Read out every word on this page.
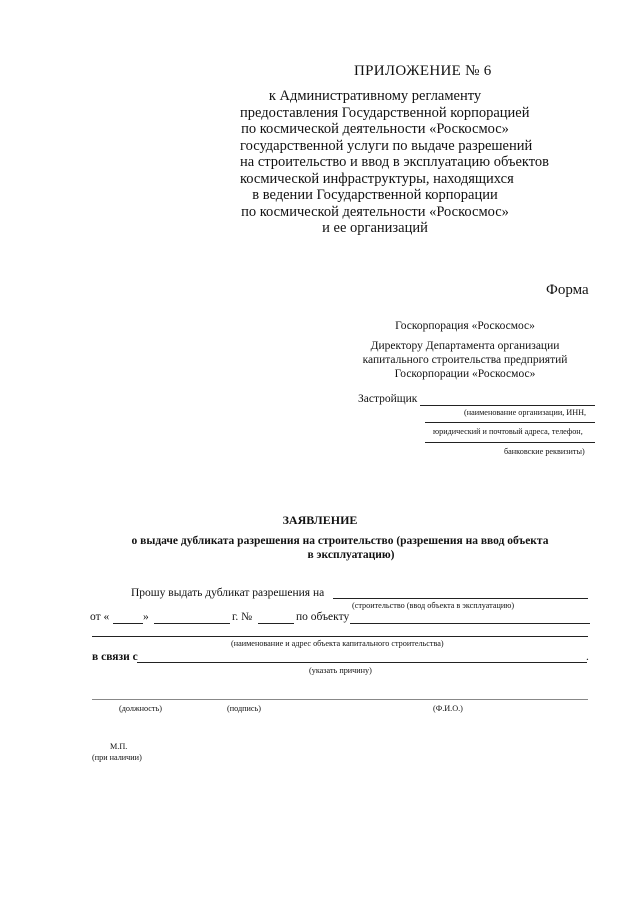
ПРИЛОЖЕНИЕ № 6
к Административному регламенту
предоставления Государственной корпорацией
по космической деятельности «Роскосмос»
государственной услуги по выдаче разрешений
на строительство и ввод в эксплуатацию объектов
космической инфраструктуры, находящихся
в ведении Государственной корпорации
по космической деятельности «Роскосмос»
и ее организаций
Форма
Госкорпорация «Роскосмос»
Директору Департамента организации
капитального строительства предприятий
Госкорпорации «Роскосмос»
Застройщик
(наименование организации, ИНН,
юридический и почтовый адреса, телефон,
банковские реквизиты)
ЗАЯВЛЕНИЕ
о выдаче дубликата разрешения на строительство (разрешения на ввод объекта
в эксплуатацию)
Прошу выдать дубликат разрешения на
(строительство (ввод объекта в эксплуатацию)
от «	»	г. №	по объекту
(наименование и адрес объекта капитального строительства)
в связи с	.
(указать причину)
(должность)	(подпись)	(Ф.И.О.)
М.П.
(при наличии)
